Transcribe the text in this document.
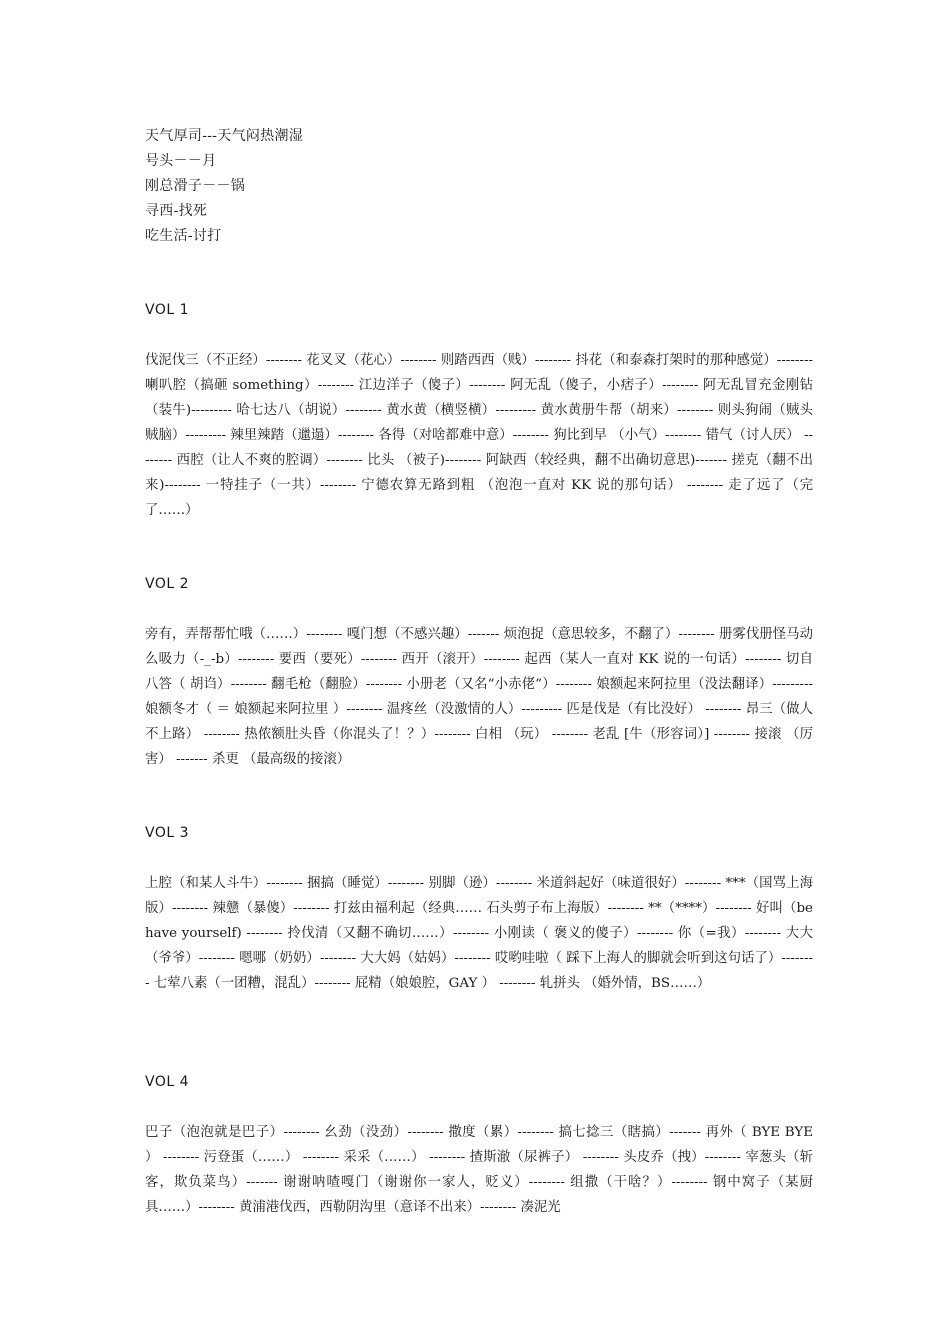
天气厚司---天气闷热潮湿
号头－－月
刚总滑子－－锅
寻西-找死
吃生活-讨打
VOL 1
伐泥伐三（不正经）-------- 花叉叉（花心）-------- 则踏西西（贱）-------- 抖花（和泰森打架时的那种感觉）-------- 喇叭腔（搞砸 something）-------- 江边洋子（傻子）-------- 阿无乱（傻子，小痞子）-------- 阿无乱冒充金刚钻（装牛)--------- 哈七达八（胡说）-------- 黄水黄（横竖横）--------- 黄水黄册牛帮（胡来）-------- 则头狗闹（贼头贼脑）--------- 辣里辣踏（邋遢）-------- 各得（对啥都难中意）-------- 狗比到早 （小气）-------- 错气（讨人厌） -------- 西腔（让人不爽的腔调）-------- 比头 （被子)-------- 阿缺西（较经典，翻不出确切意思)------- 搓克（翻不出来)-------- 一特挂子（一共）-------- 宁德农算无路到粗 （泡泡一直对 KK 说的那句话） -------- 走了远了（完了……）
VOL 2
旁有，弄帮帮忙哦（……）-------- 嘎门想（不感兴趣）------- 烦泡捉（意思较多，不翻了）-------- 册雾伐册怪马动么吸力（-_-b）-------- 要西（要死）-------- 西开（滚开）-------- 起西（某人一直对 KK 说的一句话）-------- 切自八答（ 胡诌）-------- 翻毛枪（翻脸）-------- 小册老（又名“小赤佬”）-------- 娘额起来阿拉里（没法翻译）--------- 娘额冬才（ ＝ 娘额起来阿拉里 ）-------- 温疼丝（没激情的人）--------- 匹是伐是（有比没好） -------- 昂三（做人不上路） -------- 热侬额肚头昏（你混头了！？）-------- 白相 （玩） -------- 老乱 [牛（形容词）] -------- 接滚 （厉害） ------- 杀更 （最高级的接滚）
VOL 3
上腔（和某人斗牛）-------- 捆搞（睡觉）-------- 别脚（逊）-------- 米道斜起好（味道很好）-------- ***（国骂上海版）-------- 辣戆（暴傻）-------- 打兹由福利起（经典…… 石头剪子布上海版）-------- **（****）-------- 好叫（behave yourself) -------- 拎伐清（又翻不确切……）-------- 小刚读（ 褒义的傻子）-------- 你（=我）-------- 大大（爷爷）-------- 嗯哪（奶奶）-------- 大大妈（姑妈）-------- 哎哟哇啦（ 踩下上海人的脚就会听到这句话了）-------- 七荤八素（一团糟，混乱）-------- 屁精（娘娘腔，GAY ） -------- 轧拼头 （婚外情，BS……）
VOL 4
巴子（泡泡就是巴子）-------- 幺劲（没劲）-------- 撒度（累）-------- 搞七捻三（瞎搞）------- 再外（ BYE BYE ） -------- 污登蛋（……） -------- 采采（……） -------- 揸斯澈（尿裤子） -------- 头皮乔（拽）-------- 宰葱头（斩客，欺负菜鸟）------- 谢谢呐喳嘎门（谢谢你一家人，贬义）-------- 组撒（干啥？）-------- 钢中窝子（某厨具……）-------- 黄浦港伐西，西勒阴沟里（意译不出来）-------- 凑泥光
